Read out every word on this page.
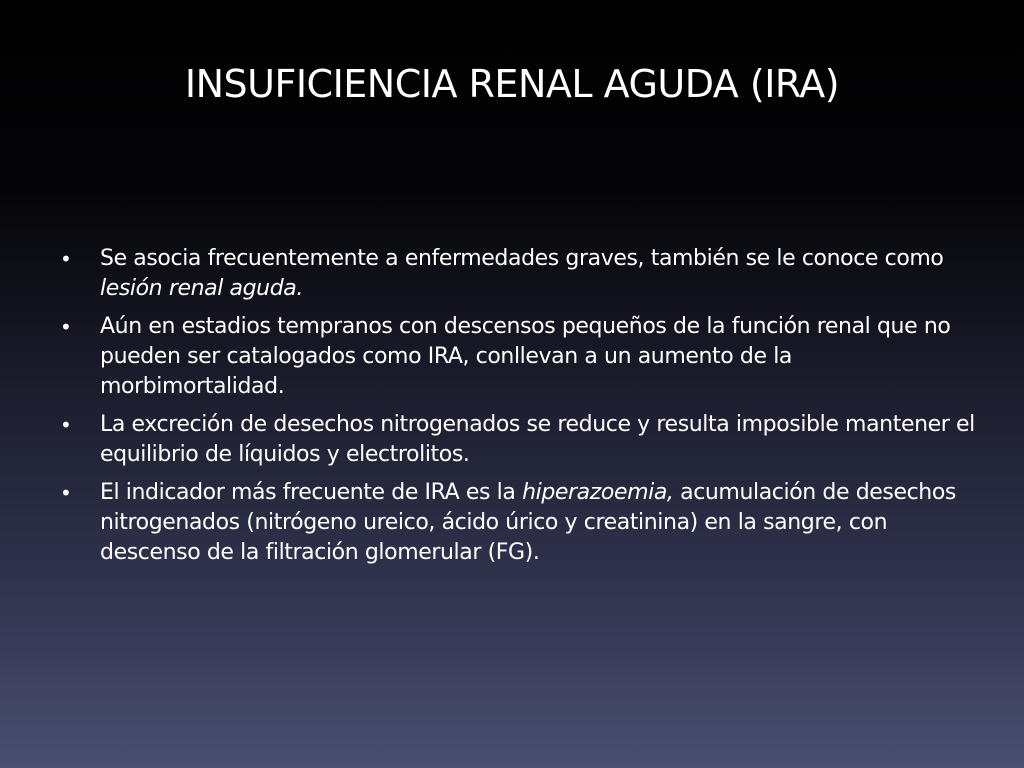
INSUFICIENCIA RENAL AGUDA (IRA)
• Se asocia frecuentemente a enfermedades graves, también se le conoce como lesión renal aguda.
• Aún en estadios tempranos con descensos pequeños de la función renal que no pueden ser catalogados como IRA, conllevan a un aumento de la morbimortalidad.
• La excreción de desechos nitrogenados se reduce y resulta imposible mantener el equilibrio de líquidos y electrolitos.
• El indicador más frecuente de IRA es la hiperazoemia, acumulación de desechos nitrogenados (nitrógeno ureico, ácido úrico y creatinina) en la sangre, con descenso de la filtración glomerular (FG).
